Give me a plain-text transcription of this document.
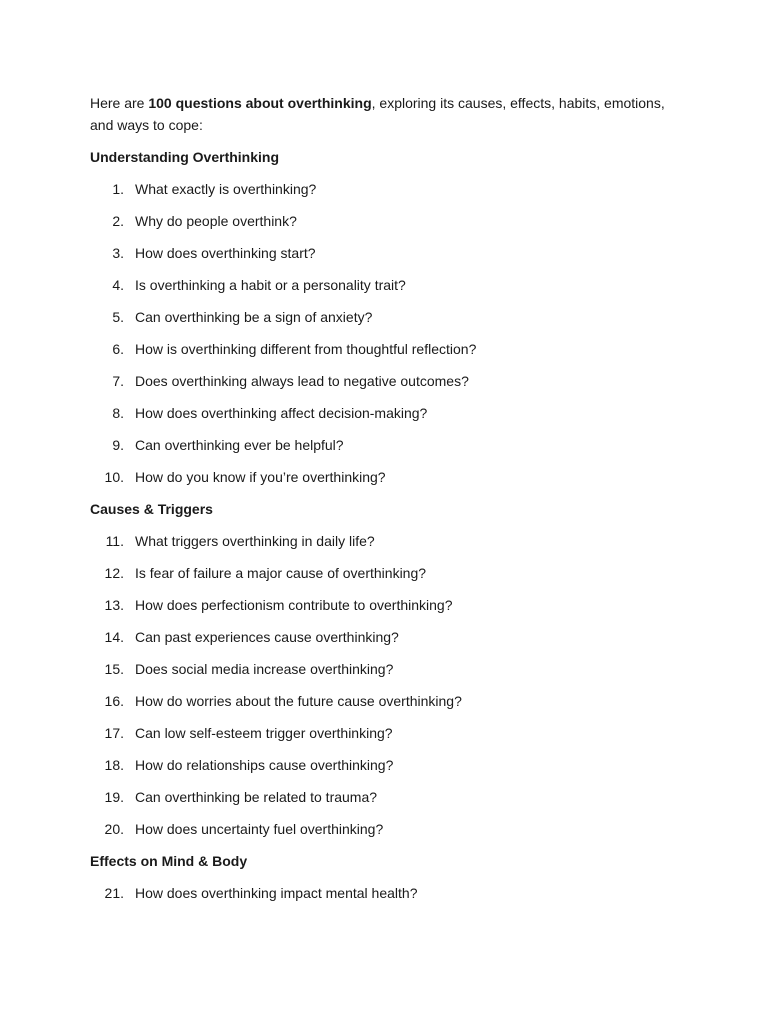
Here are 100 questions about overthinking, exploring its causes, effects, habits, emotions, and ways to cope:

Understanding Overthinking
1 . What exactly is overthinking?
2 . Why do people overthink?
3 . How does overthinking start?
4 . Is overthinking a habit or a personality trait?
5 . Can overthinking be a sign of anxiety?
6 . How is overthinking different from thoughtful reflection?
7 . Does overthinking always lead to negative outcomes?
8 . How does overthinking affect decision-making?
9 . Can overthinking ever be helpful?
10 . How do you know if you’re overthinking?
Causes & Triggers
11 . What triggers overthinking in daily life?
12 . Is fear of failure a major cause of overthinking?
13 . How does perfectionism contribute to overthinking?
14 . Can past experiences cause overthinking?
15 . Does social media increase overthinking?
16 . How do worries about the future cause overthinking?
17 . Can low self-esteem trigger overthinking?
18 . How do relationships cause overthinking?
19 . Can overthinking be related to trauma?
20 . How does uncertainty fuel overthinking?
Effects on Mind & Body
21 . How does overthinking impact mental health?
